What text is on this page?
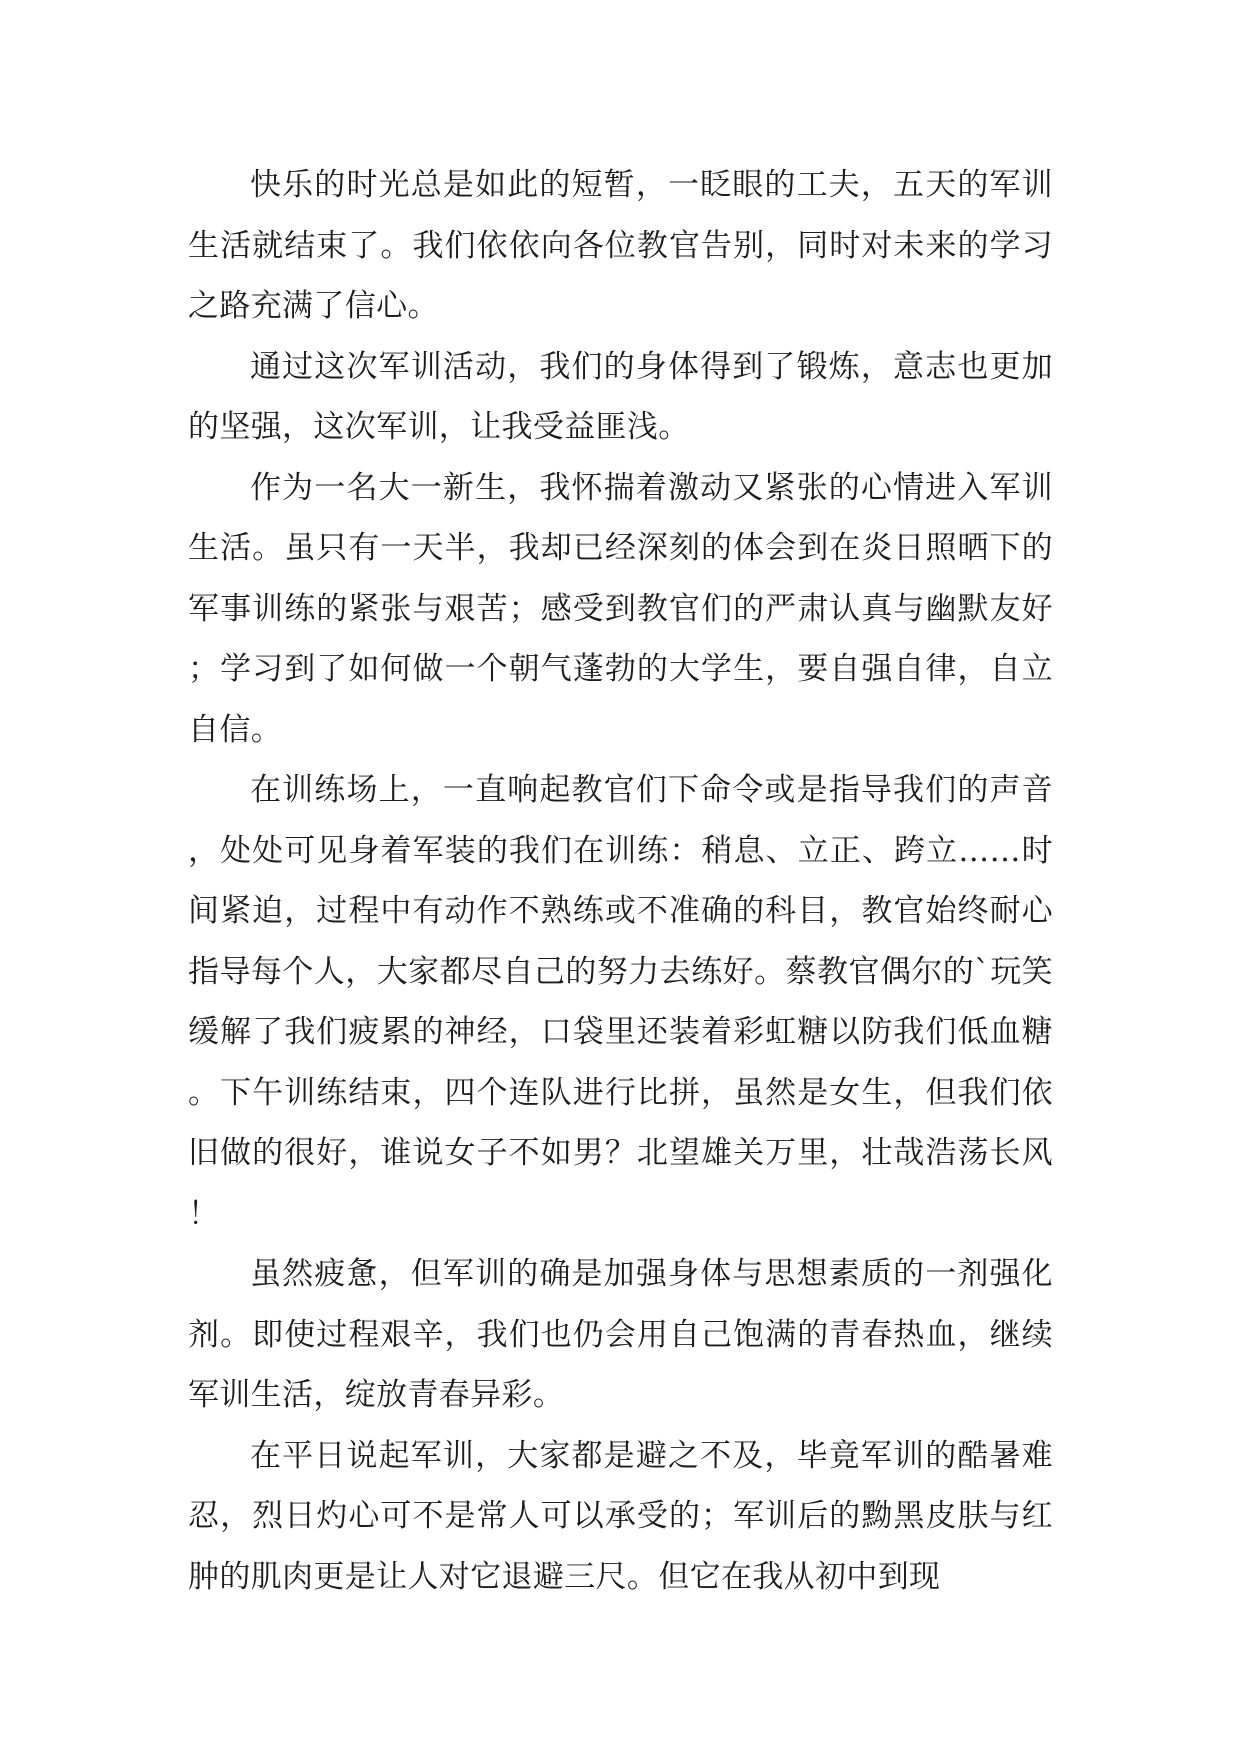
快乐的时光总是如此的短暂，一眨眼的工夫，五天的军训生活就结束了。我们依依向各位教官告别，同时对未来的学习之路充满了信心。

通过这次军训活动，我们的身体得到了锻炼，意志也更加的坚强，这次军训，让我受益匪浅。

作为一名大一新生，我怀揣着激动又紧张的心情进入军训生活。虽只有一天半，我却已经深刻的体会到在炎日照晒下的军事训练的紧张与艰苦；感受到教官们的严肃认真与幽默友好；学习到了如何做一个朝气蓬勃的大学生，要自强自律，自立自信。

在训练场上，一直响起教官们下命令或是指导我们的声音，处处可见身着军装的我们在训练：稍息、立正、跨立……时间紧迫，过程中有动作不熟练或不准确的科目，教官始终耐心指导每个人，大家都尽自己的努力去练好。蔡教官偶尔的`玩笑缓解了我们疲累的神经，口袋里还装着彩虹糖以防我们低血糖。下午训练结束，四个连队进行比拼，虽然是女生，但我们依旧做的很好，谁说女子不如男？北望雄关万里，壮哉浩荡长风！

虽然疲惫，但军训的确是加强身体与思想素质的一剂强化剂。即使过程艰辛，我们也仍会用自己饱满的青春热血，继续军训生活，绽放青春异彩。

在平日说起军训，大家都是避之不及，毕竟军训的酷暑难忍，烈日灼心可不是常人可以承受的；军训后的黝黑皮肤与红肿的肌肉更是让人对它退避三尺。但它在我从初中到现
